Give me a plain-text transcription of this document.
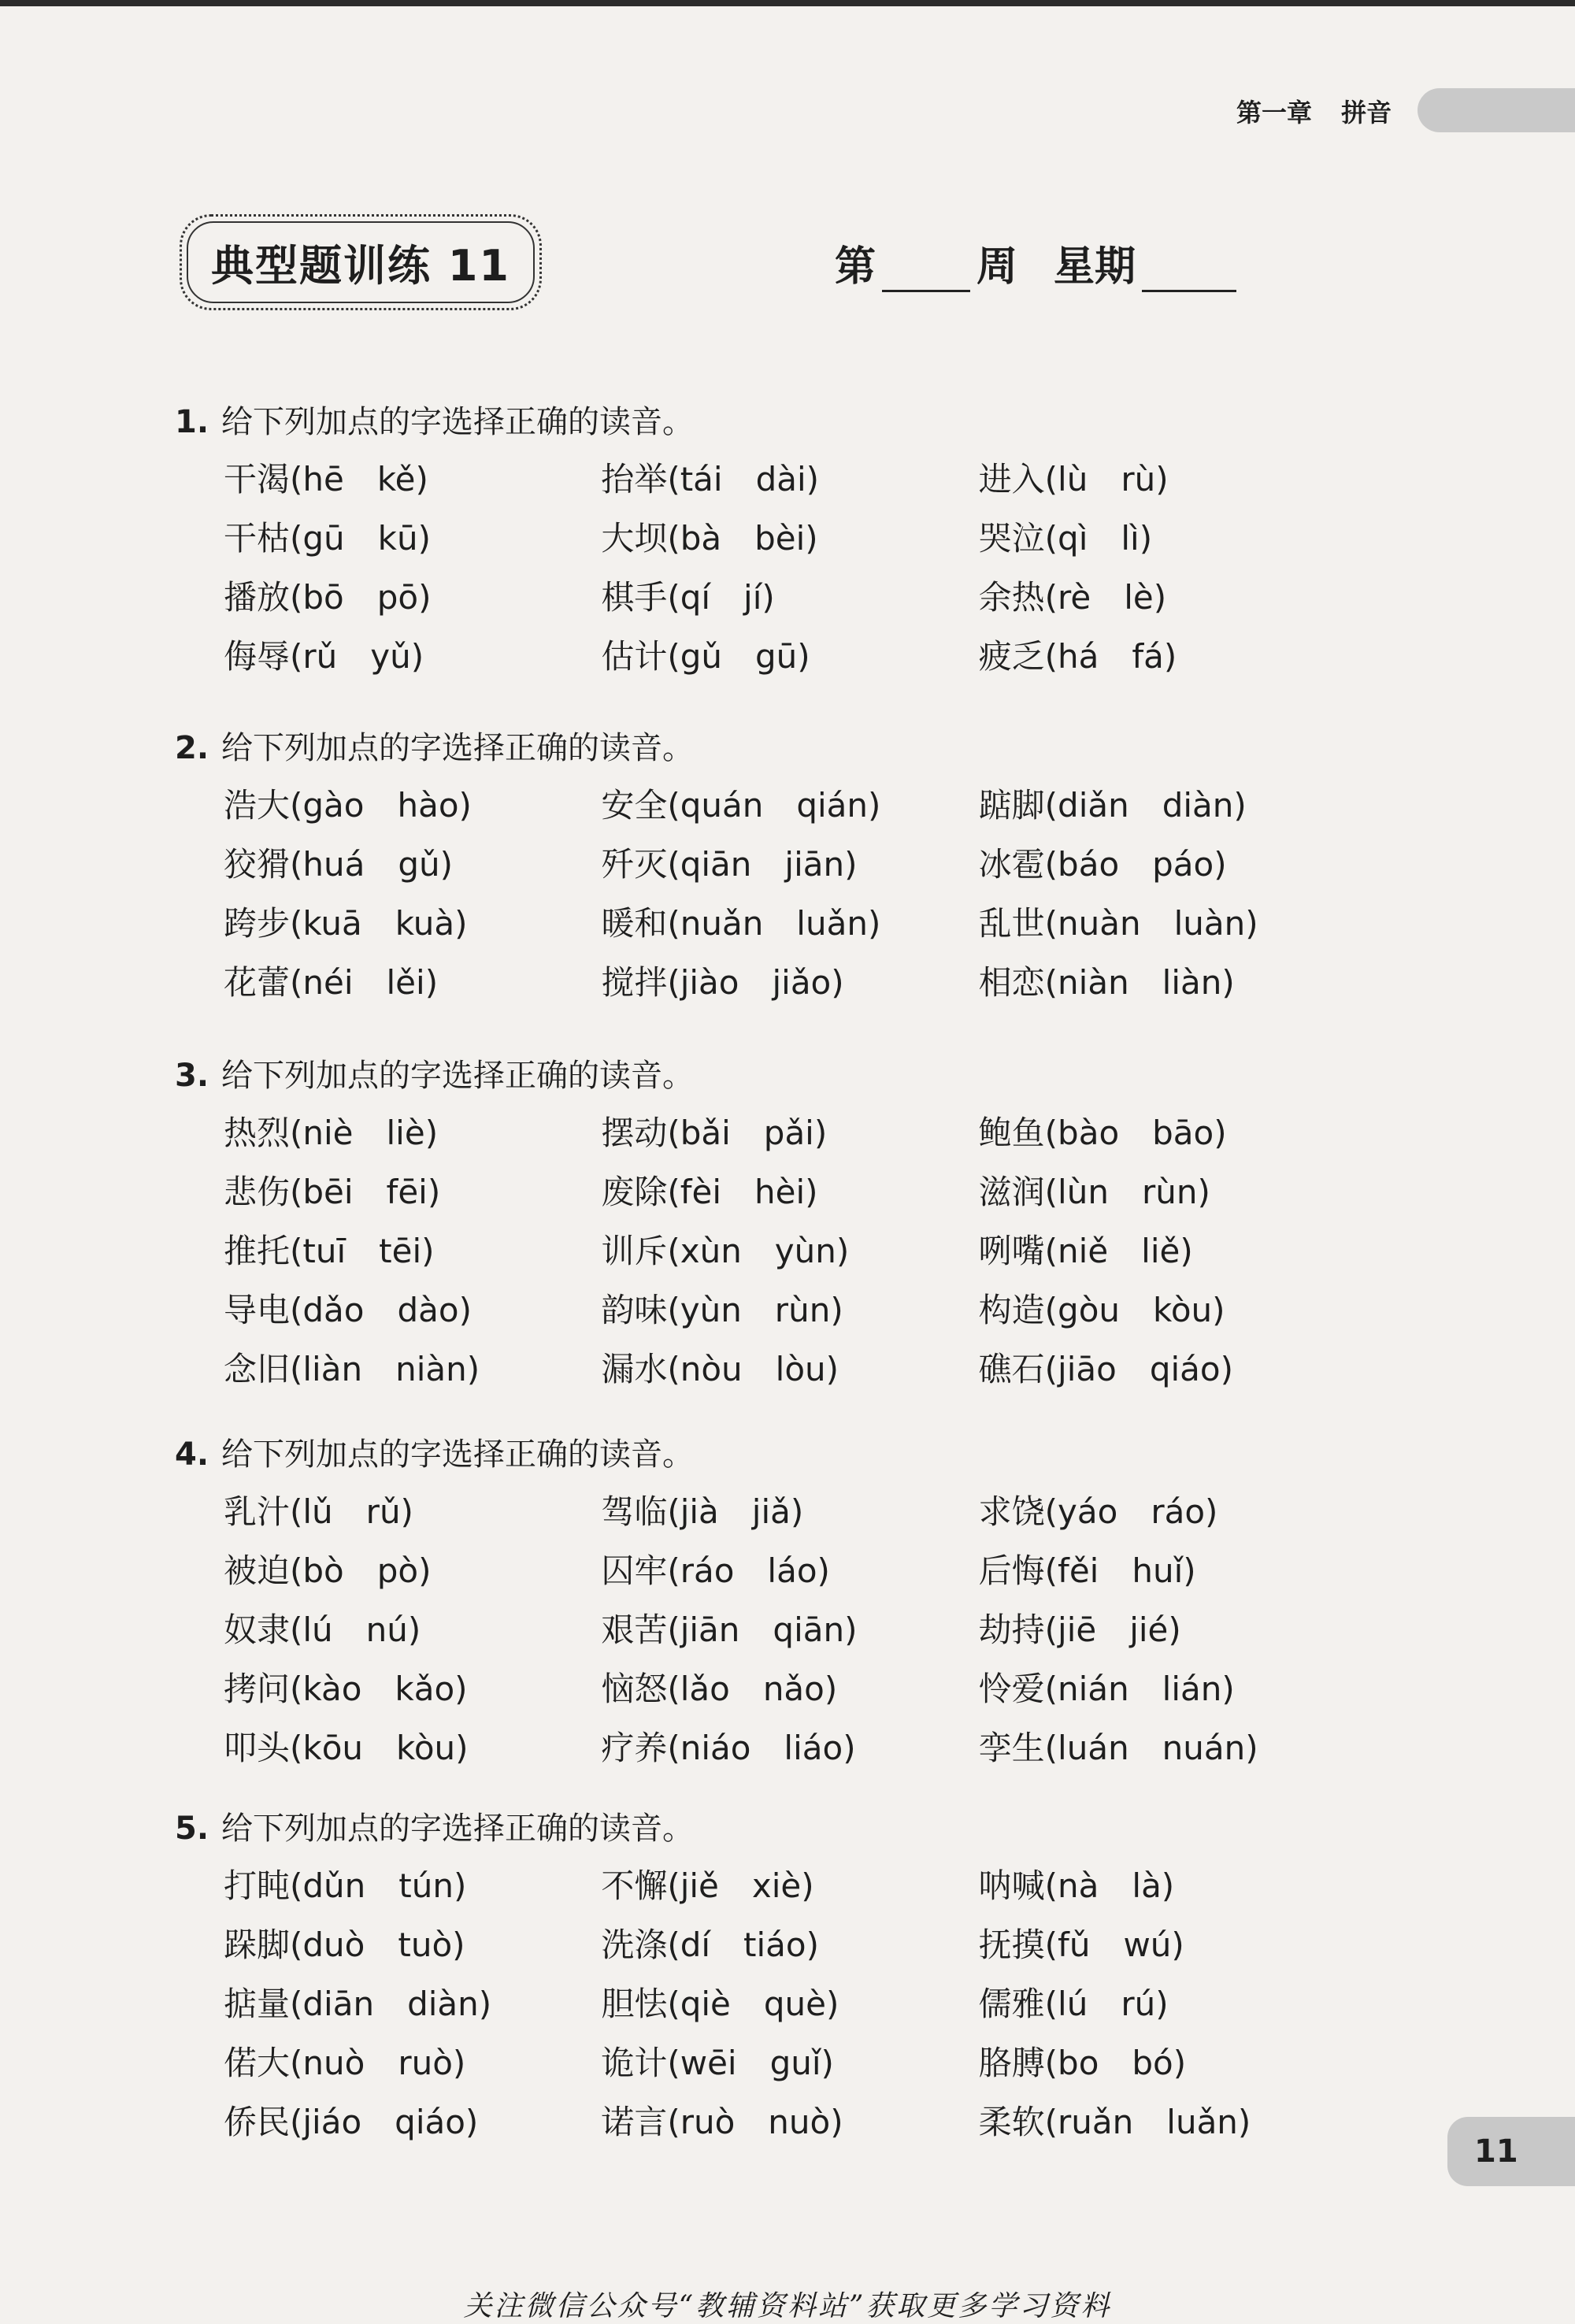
第一章 拼音
典型题训练 11	第 周 星期
1. 给下列加点的字选择正确的读音。
干渴(hē　kě)	抬举(tái　dài)	进入(lù　rù)
干枯(gū　kū)	大坝(bà　bèi)	哭泣(qì　lì)
播放(bō　pō)	棋手(qí　jí)	余热(rè　lè)
侮辱(rǔ　yǔ)	估计(gǔ　gū)	疲乏(há　fá)
2. 给下列加点的字选择正确的读音。
浩大(gào　hào)	安全(quán　qián)	踮脚(diǎn　diàn)
狡猾(huá　gǔ)	歼灭(qiān　jiān)	冰雹(báo　páo)
跨步(kuā　kuà)	暖和(nuǎn　luǎn)	乱世(nuàn　luàn)
花蕾(néi　lěi)	搅拌(jiào　jiǎo)	相恋(niàn　liàn)
3. 给下列加点的字选择正确的读音。
热烈(niè　liè)	摆动(bǎi　pǎi)	鲍鱼(bào　bāo)
悲伤(bēi　fēi)	废除(fèi　hèi)	滋润(lùn　rùn)
推托(tuī　tēi)	训斥(xùn　yùn)	咧嘴(niě　liě)
导电(dǎo　dào)	韵味(yùn　rùn)	构造(gòu　kòu)
念旧(liàn　niàn)	漏水(nòu　lòu)	礁石(jiāo　qiáo)
4. 给下列加点的字选择正确的读音。
乳汁(lǔ　rǔ)	驾临(jià　jiǎ)	求饶(yáo　ráo)
被迫(bò　pò)	囚牢(ráo　láo)	后悔(fěi　huǐ)
奴隶(lú　nú)	艰苦(jiān　qiān)	劫持(jiē　jié)
拷问(kào　kǎo)	恼怒(lǎo　nǎo)	怜爱(nián　lián)
叩头(kōu　kòu)	疗养(niáo　liáo)	孪生(luán　nuán)
5. 给下列加点的字选择正确的读音。
打盹(dǔn　tún)	不懈(jiě　xiè)	呐喊(nà　là)
跺脚(duò　tuò)	洗涤(dí　tiáo)	抚摸(fǔ　wú)
掂量(diān　diàn)	胆怯(qiè　què)	儒雅(lú　rú)
偌大(nuò　ruò)	诡计(wēi　guǐ)	胳膊(bo　bó)
侨民(jiáo　qiáo)	诺言(ruò　nuò)	柔软(ruǎn　luǎn)
11
关注微信公众号“教辅资料站”获取更多学习资料
